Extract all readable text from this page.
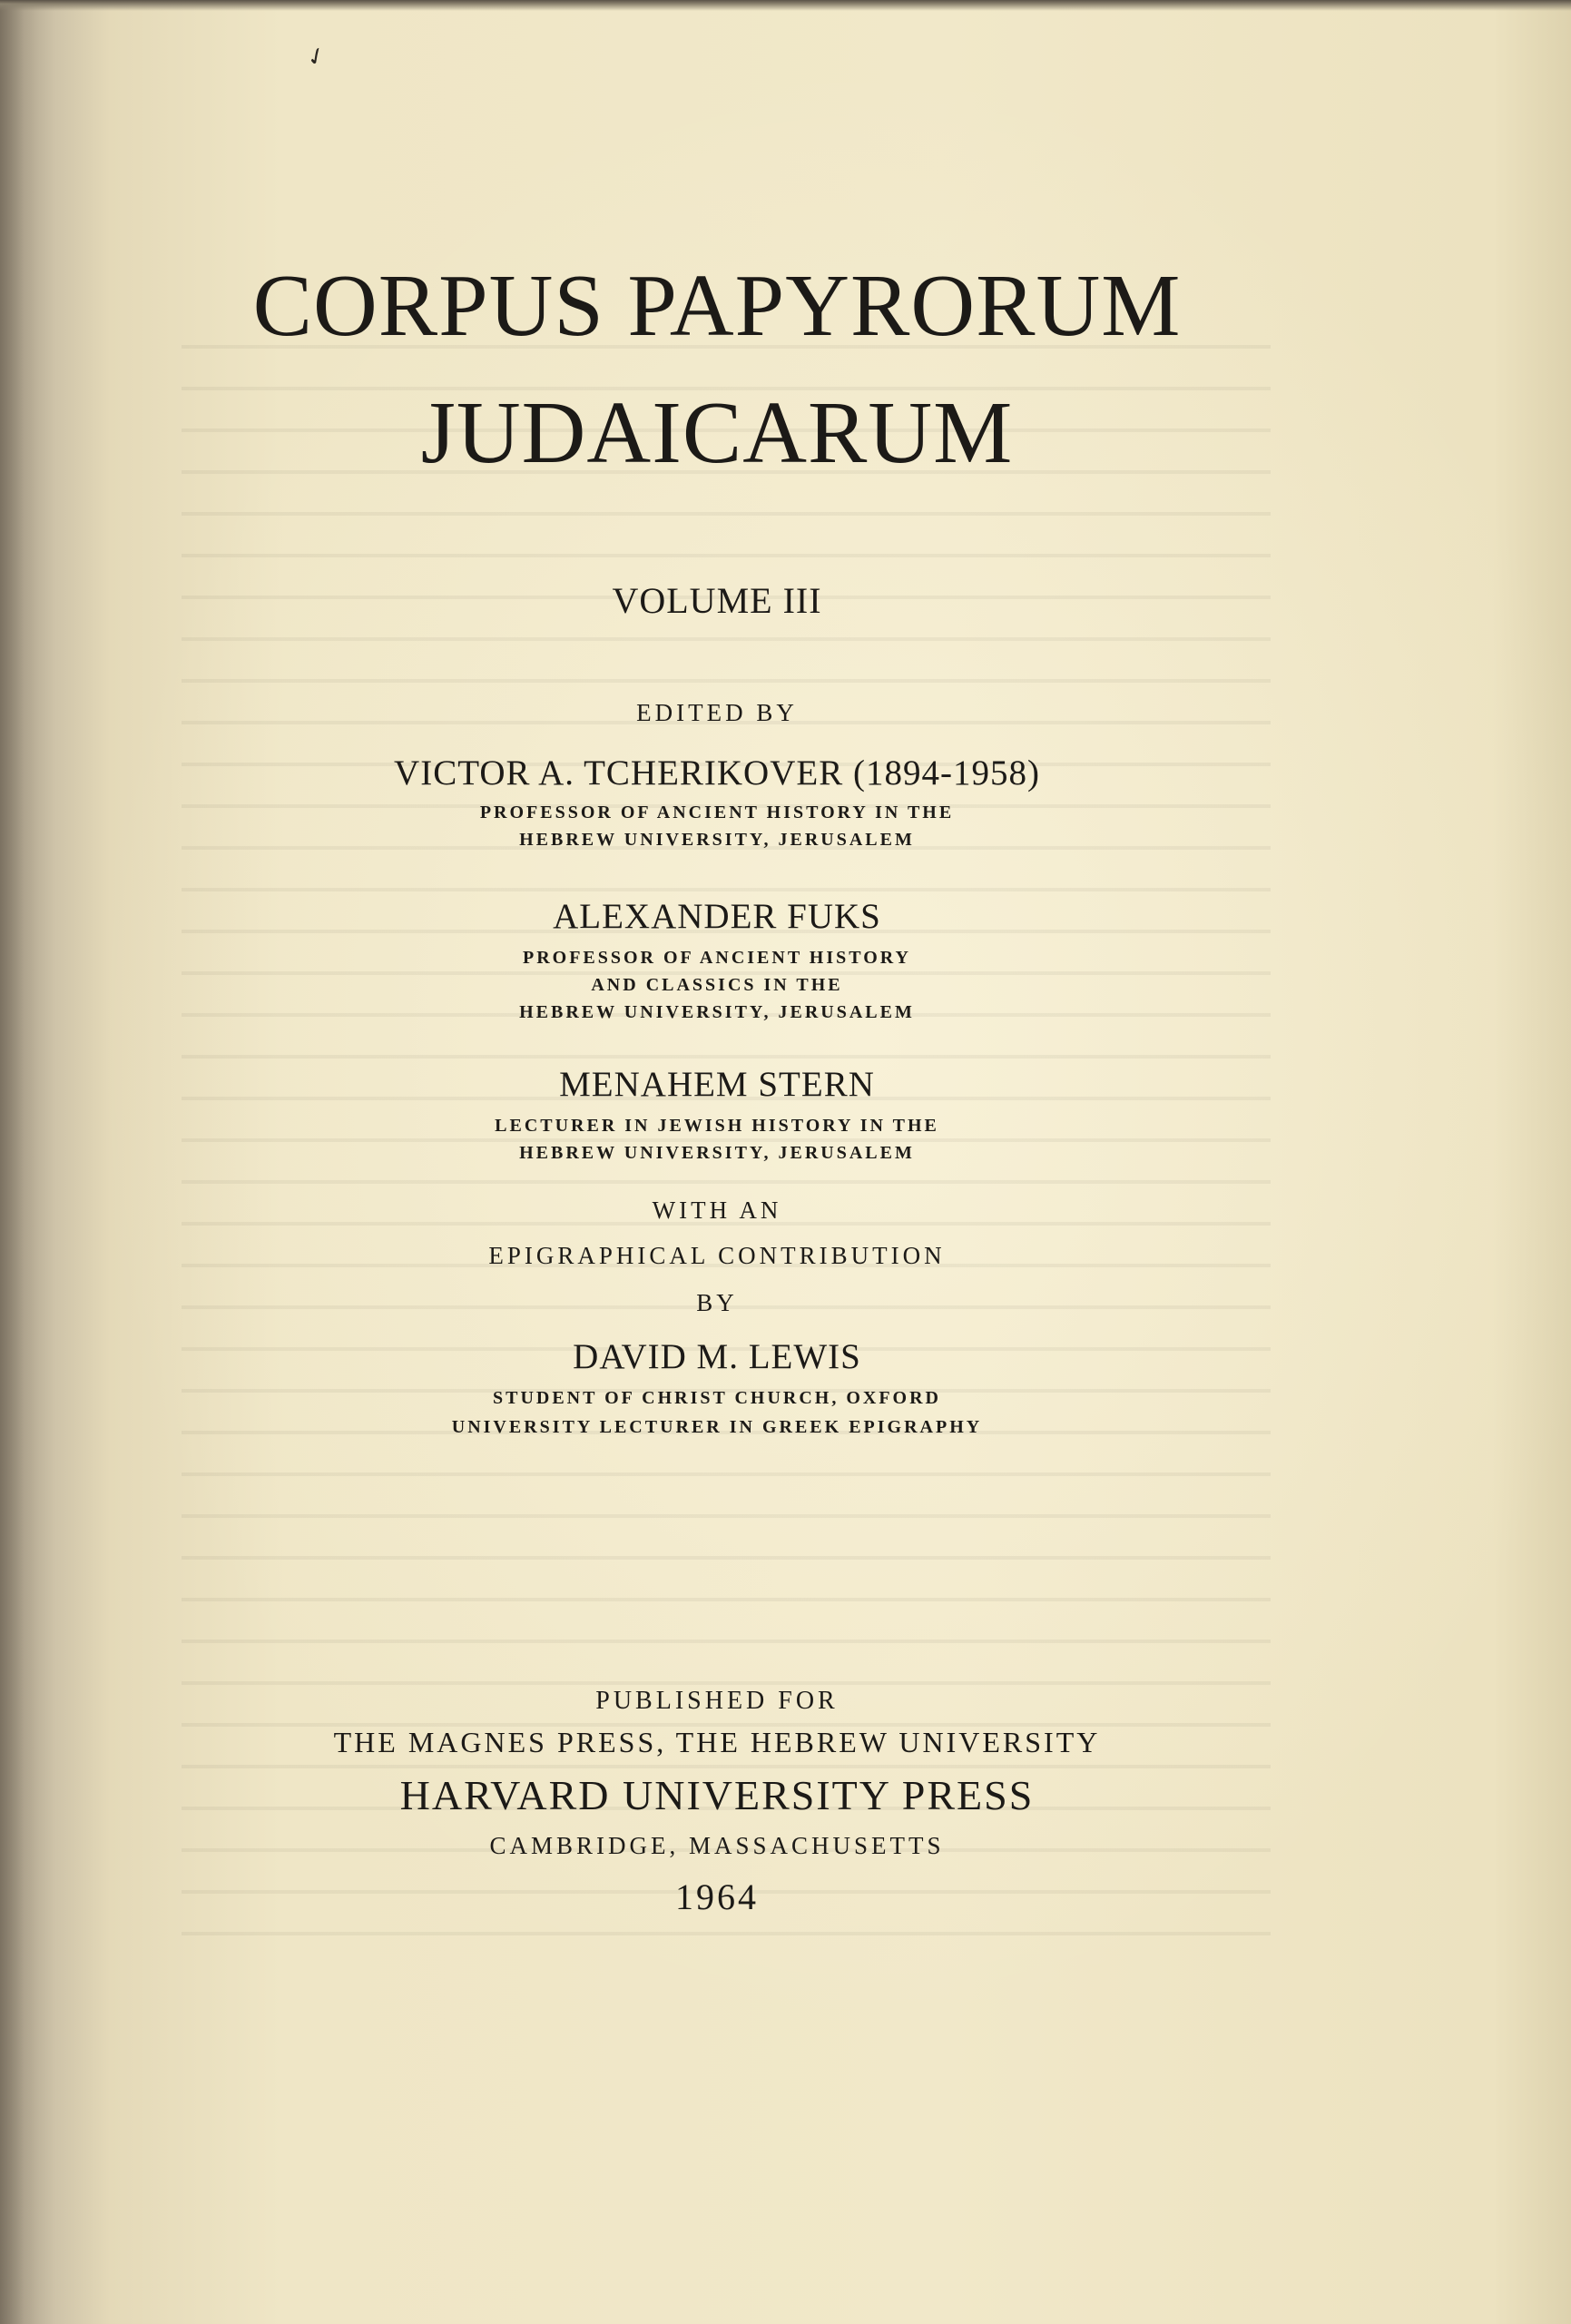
✓
CORPUS PAPYRORUM
JUDAICARUM
VOLUME III
EDITED BY
VICTOR A. TCHERIKOVER (1894-1958)
PROFESSOR OF ANCIENT HISTORY IN THE
HEBREW UNIVERSITY, JERUSALEM
ALEXANDER FUKS
PROFESSOR OF ANCIENT HISTORY
AND CLASSICS IN THE
HEBREW UNIVERSITY, JERUSALEM
MENAHEM STERN
LECTURER IN JEWISH HISTORY IN THE
HEBREW UNIVERSITY, JERUSALEM
WITH AN
EPIGRAPHICAL CONTRIBUTION
BY
DAVID M. LEWIS
STUDENT OF CHRIST CHURCH, OXFORD
UNIVERSITY LECTURER IN GREEK EPIGRAPHY
PUBLISHED FOR
THE MAGNES PRESS, THE HEBREW UNIVERSITY
HARVARD UNIVERSITY PRESS
CAMBRIDGE, MASSACHUSETTS
1964
